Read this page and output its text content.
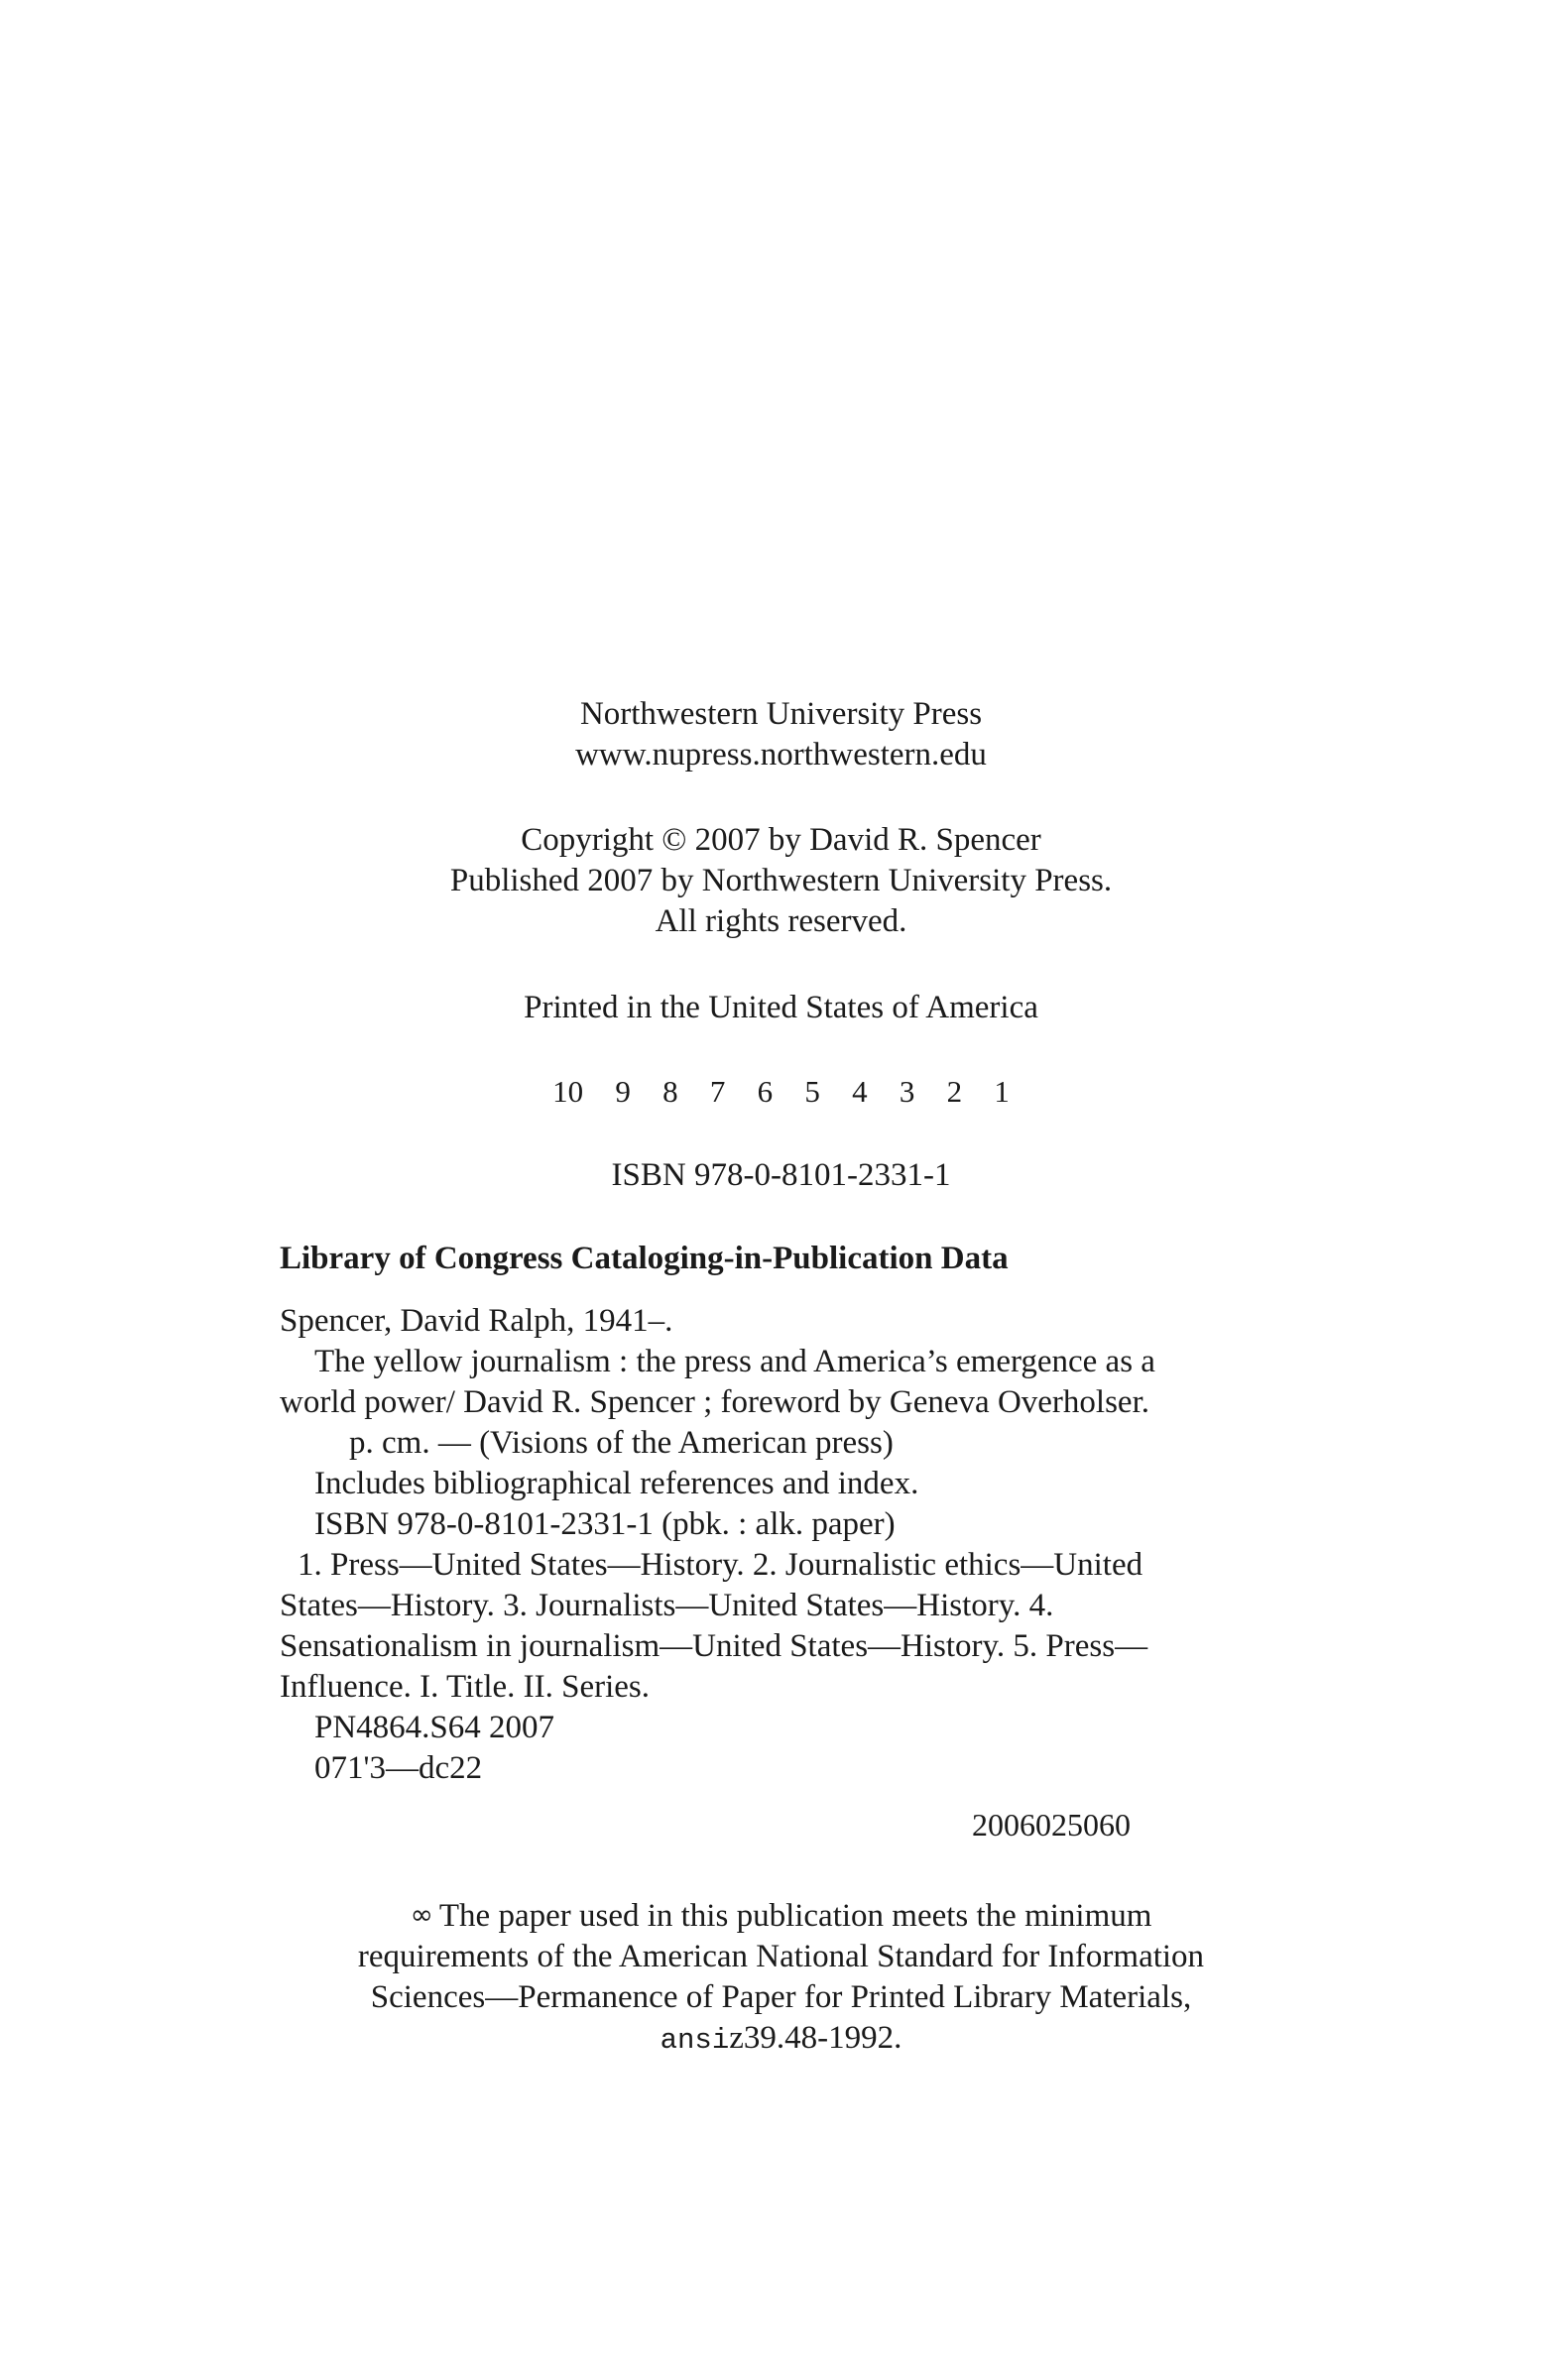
Northwestern University Press
www.nupress.northwestern.edu
Copyright © 2007 by David R. Spencer
Published 2007 by Northwestern University Press.
All rights reserved.
Printed in the United States of America
10 9 8 7 6 5 4 3 2 1
ISBN 978-0-8101-2331-1
Library of Congress Cataloging-in-Publication Data
Spencer, David Ralph, 1941–.
The yellow journalism : the press and America’s emergence as a
world power/ David R. Spencer ; foreword by Geneva Overholser.
p. cm. — (Visions of the American press)
Includes bibliographical references and index.
ISBN 978-0-8101-2331-1 (pbk. : alk. paper)
1. Press—United States—History. 2. Journalistic ethics—United
States—History. 3. Journalists—United States—History. 4.
Sensationalism in journalism—United States—History. 5. Press—
Influence. I. Title. II. Series.
PN4864.S64 2007
071'3—dc22
2006025060
∞ The paper used in this publication meets the minimum
requirements of the American National Standard for Information
Sciences—Permanence of Paper for Printed Library Materials,
ansiz39.48-1992.
